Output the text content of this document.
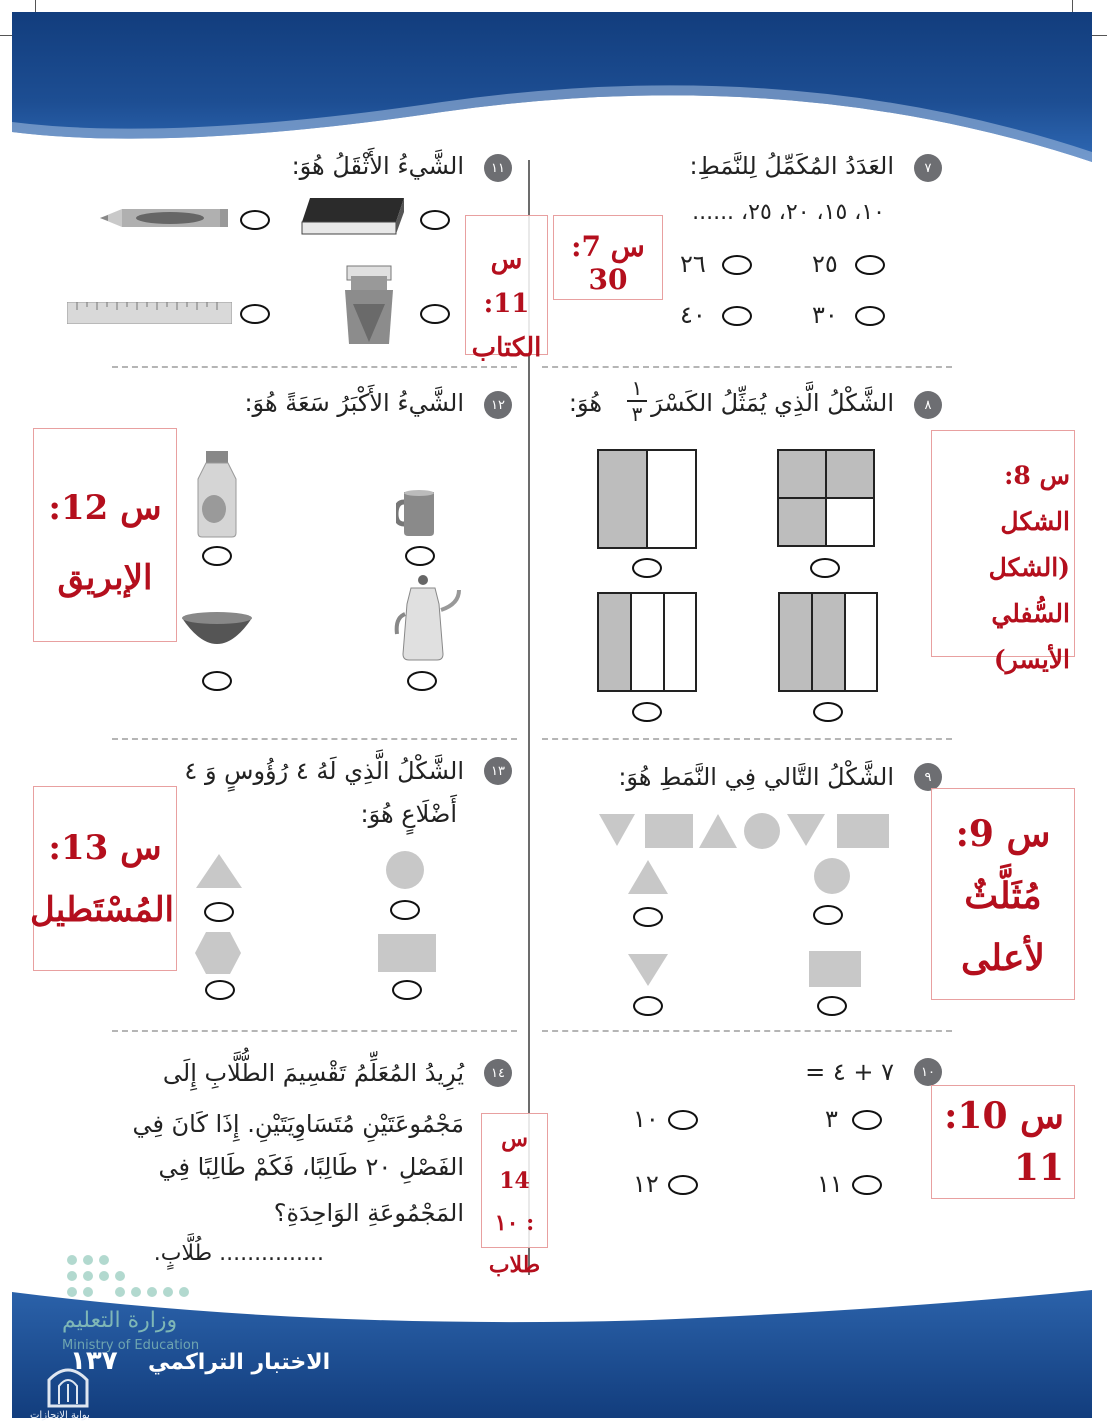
٧
العَدَدُ المُكَمِّلُ لِلنَّمَطِ:
١٠، ١٥، ٢٠، ٢٥، ......
٢٥
٢٦
٣٠
٤٠
س 7: 30
١١
الشَّيءُ الأَثْقَلُ هُوَ:
س 11:
الكتاب
٨
الشَّكْلُ الَّذِي يُمَثِّلُ الكَسْرَ
١
٣
هُوَ:
س 8: الشكل
(الشكل
السُّفلي
الأيسر)
١٢
الشَّيءُ الأَكْبَرُ سَعَةً هُوَ:
س 12:
الإبريق
٩
الشَّكْلُ التَّالي فِي النَّمَطِ هُوَ:
س 9:
مُثَلَّثٌ
لأعلى
١٣
الشَّكْلُ الَّذِي لَهُ ٤ رُؤُوسٍ وَ ٤
أَضْلَاعٍ هُوَ:
س 13:
المُسْتَطيل
١٠
٧ + ٤ =
٣
١٠
١١
١٢
س 10:
11
١٤
يُرِيدُ المُعَلِّمُ تَقْسِيمَ الطُّلَّابِ إِلَى
مَجْمُوعَتَيْنِ مُتَسَاوِيَتَيْنِ. إِذَا كَانَ فِي
الفَصْلِ ٢٠ طَالِبًا، فَكَمْ طَالِبًا فِي
المَجْمُوعَةِ الوَاحِدَةِ؟
............... طُلَّابٍ.
س 14
: ١٠
طلاب
وزارة التعليم
Ministry of Education
الاختبار التراكمي
١٣٧
بوابة الإنجازات
